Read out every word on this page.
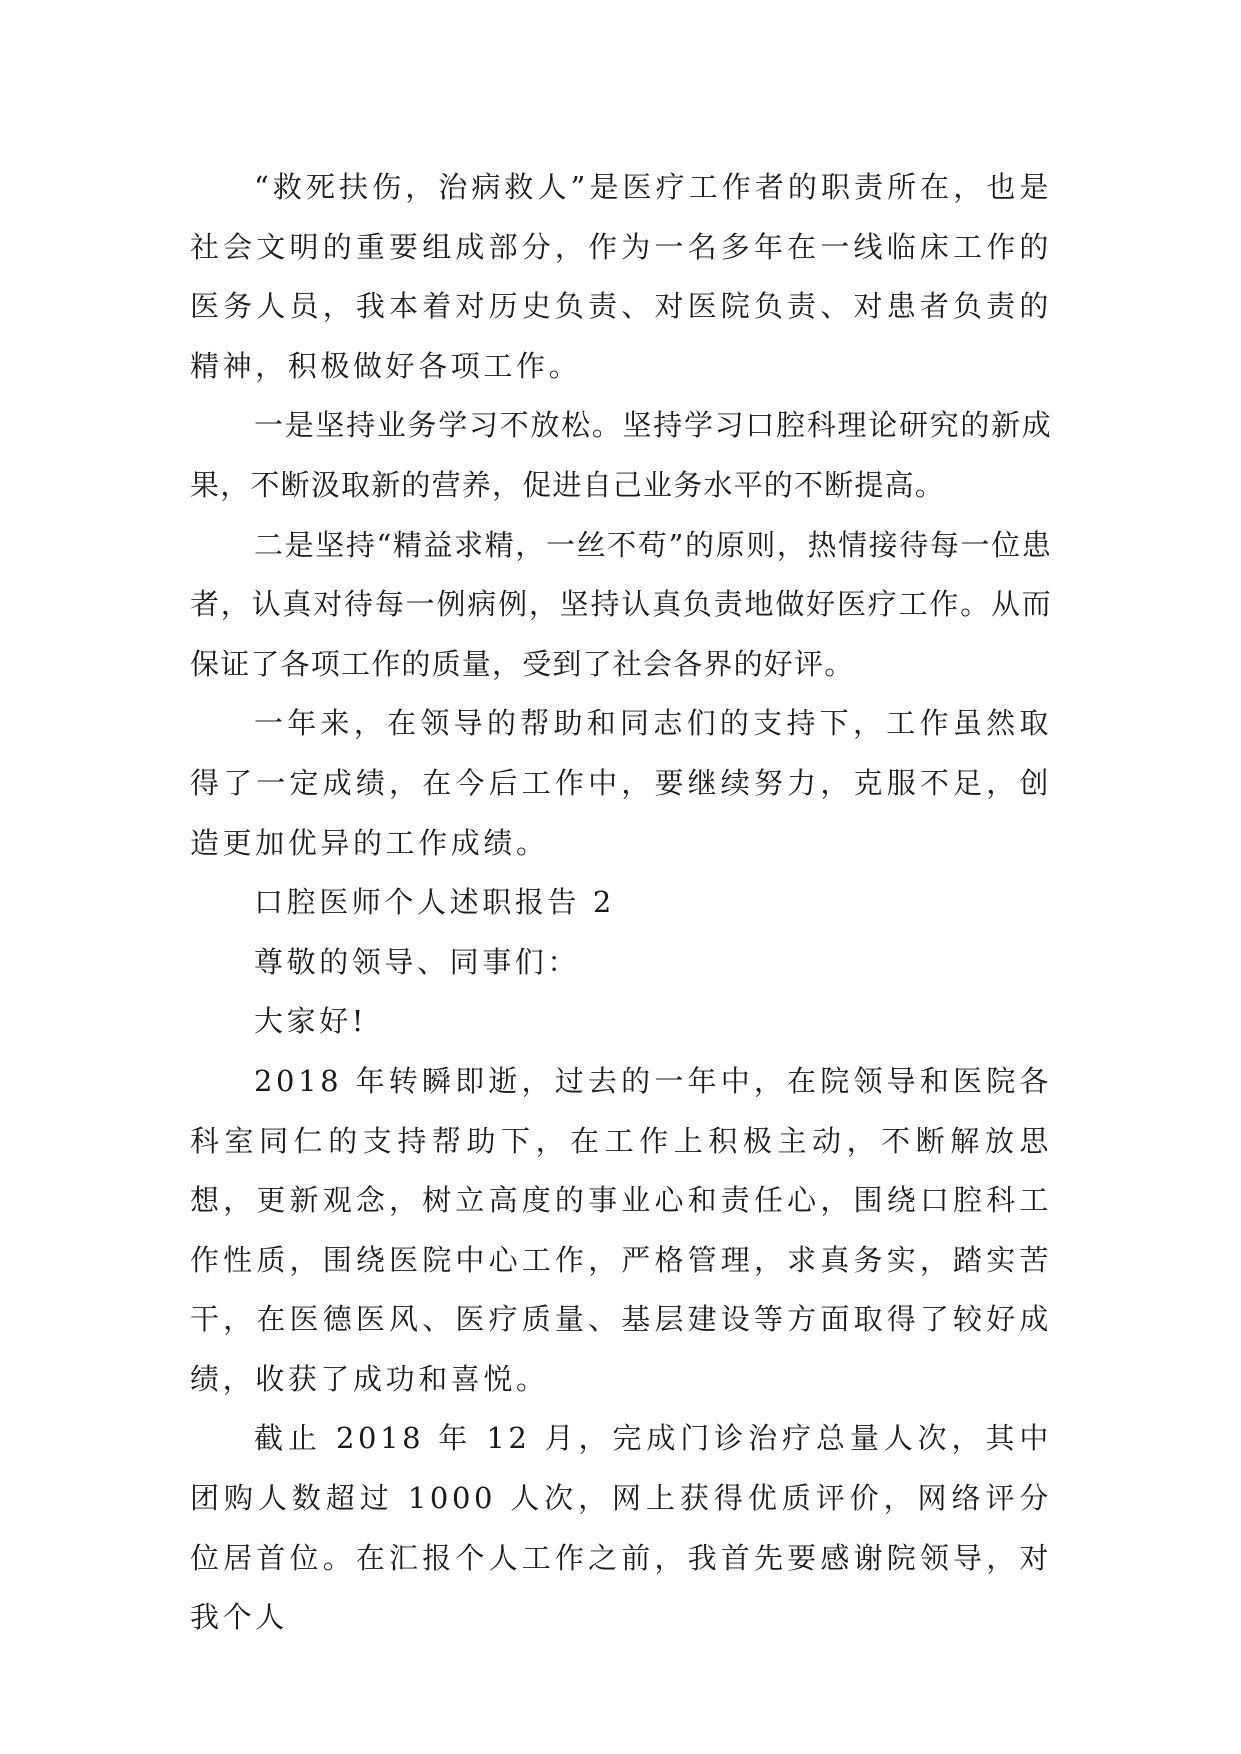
“救死扶伤，治病救人”是医疗工作者的职责所在，也是社会文明的重要组成部分，作为一名多年在一线临床工作的医务人员，我本着对历史负责、对医院负责、对患者负责的精神，积极做好各项工作。

一是坚持业务学习不放松。坚持学习口腔科理论研究的新成果，不断汲取新的营养，促进自己业务水平的不断提高。

二是坚持“精益求精，一丝不苟”的原则，热情接待每一位患者，认真对待每一例病例，坚持认真负责地做好医疗工作。从而保证了各项工作的质量，受到了社会各界的好评。

一年来，在领导的帮助和同志们的支持下，工作虽然取得了一定成绩，在今后工作中，要继续努力，克服不足，创造更加优异的工作成绩。

口腔医师个人述职报告 2

尊敬的领导、同事们：

大家好!

2018 年转瞬即逝，过去的一年中，在院领导和医院各科室同仁的支持帮助下，在工作上积极主动，不断解放思想，更新观念，树立高度的事业心和责任心，围绕口腔科工作性质，围绕医院中心工作，严格管理，求真务实，踏实苦干，在医德医风、医疗质量、基层建设等方面取得了较好成绩，收获了成功和喜悦。

截止 2018 年 12 月，完成门诊治疗总量人次，其中团购人数超过 1000 人次，网上获得优质评价，网络评分位居首位。在汇报个人工作之前，我首先要感谢院领导，对我个人
